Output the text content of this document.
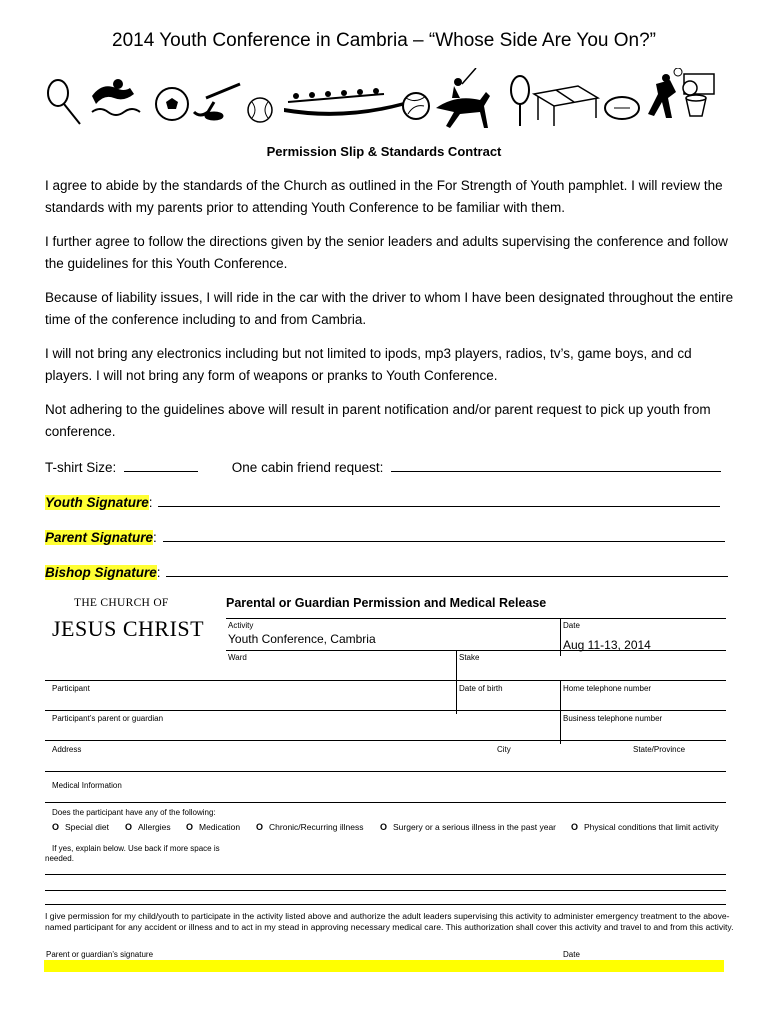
2014 Youth Conference in Cambria – “Whose Side Are You On?”
Permission Slip & Standards Contract
I agree to abide by the standards of the Church as outlined in the For Strength of Youth pamphlet. I will review the standards with my parents prior to attending Youth Conference to be familiar with them.
I further agree to follow the directions given by the senior leaders and adults supervising the conference and follow the guidelines for this Youth Conference.
Because of liability issues, I will ride in the car with the driver to whom I have been designated throughout the entire time of the conference including to and from Cambria.
I will not bring any electronics including but not limited to ipods, mp3 players, radios, tv’s, game boys, and cd players. I will not bring any form of weapons or pranks to Youth Conference.
Not adhering to the guidelines above will result in parent notification and/or parent request to pick up youth from conference.
T-shirt Size:	One cabin friend request:
Youth Signature:
Parent Signature:
Bishop Signature:
THE CHURCH OF
JESUS CHRIST
Parental or Guardian Permission and Medical Release
Activity
Youth Conference, Cambria
Date
Aug 11-13, 2014
Ward	Stake
Participant	Date of birth	Home telephone number
Participant’s parent or guardian	Business telephone number
Address	City	State/Province
Medical Information
Does the participant have any of the following:
O Special diet O Allergies O Medication O Chronic/Recurring illness O Surgery or a serious illness in the past year O Physical conditions that limit activity
If yes, explain below. Use back if more space is
needed.
I give permission for my child/youth to participate in the activity listed above and authorize the adult leaders supervising this activity to administer emergency treatment to the above-named participant for any accident or illness and to act in my stead in approving necessary medical care. This authorization shall cover this activity and travel to and from this activity.
Parent or guardian’s signature	Date
